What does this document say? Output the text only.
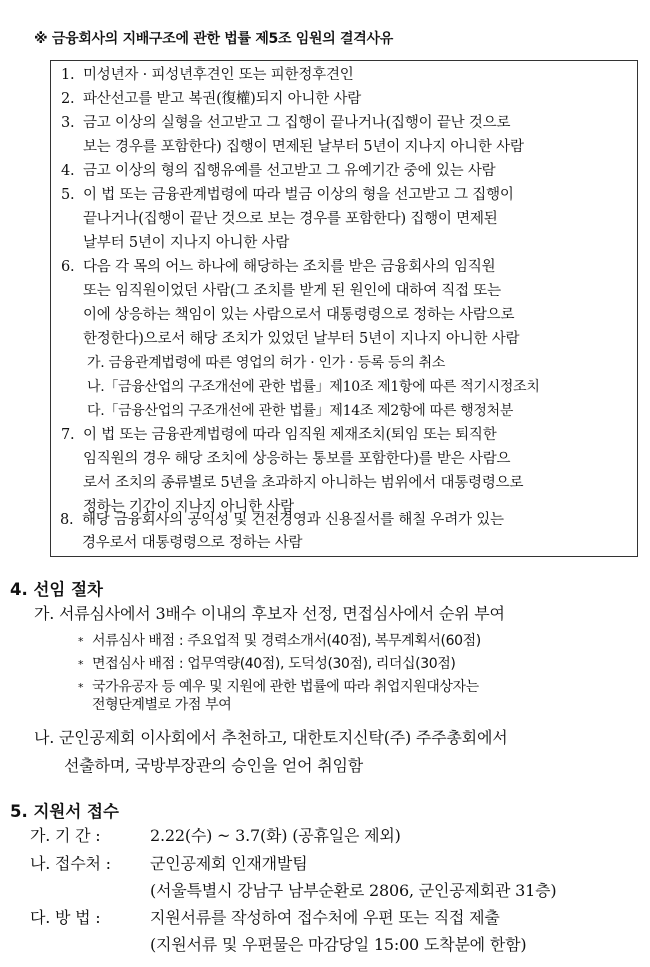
※ 금융회사의 지배구조에 관한 법률 제5조 임원의 결격사유
1. 미성년자 · 피성년후견인 또는 피한정후견인
2. 파산선고를 받고 복권(復權)되지 아니한 사람
3. 금고 이상의 실형을 선고받고 그 집행이 끝나거나(집행이 끝난 것으로
보는 경우를 포함한다) 집행이 면제된 날부터 5년이 지나지 아니한 사람
4. 금고 이상의 형의 집행유예를 선고받고 그 유예기간 중에 있는 사람
5. 이 법 또는 금융관계법령에 따라 벌금 이상의 형을 선고받고 그 집행이
끝나거나(집행이 끝난 것으로 보는 경우를 포함한다) 집행이 면제된
날부터 5년이 지나지 아니한 사람
6. 다음 각 목의 어느 하나에 해당하는 조치를 받은 금융회사의 임직원
또는 임직원이었던 사람(그 조치를 받게 된 원인에 대하여 직접 또는
이에 상응하는 책임이 있는 사람으로서 대통령령으로 정하는 사람으로
한정한다)으로서 해당 조치가 있었던 날부터 5년이 지나지 아니한 사람
가. 금융관계법령에 따른 영업의 허가 · 인가 · 등록 등의 취소
나.「금융산업의 구조개선에 관한 법률」제10조 제1항에 따른 적기시정조치
다.「금융산업의 구조개선에 관한 법률」제14조 제2항에 따른 행정처분
7. 이 법 또는 금융관계법령에 따라 임직원 제재조치(퇴임 또는 퇴직한
임직원의 경우 해당 조치에 상응하는 통보를 포함한다)를 받은 사람으
로서 조치의 종류별로 5년을 초과하지 아니하는 범위에서 대통령령으로
정하는 기간이 지나지 아니한 사람
8. 해당 금융회사의 공익성 및 건전경영과 신용질서를 해칠 우려가 있는
경우로서 대통령령으로 정하는 사람
4. 선임 절차
가. 서류심사에서 3배수 이내의 후보자 선정, 면접심사에서 순위 부여
* 서류심사 배점 : 주요업적 및 경력소개서(40점), 복무계획서(60점)
* 면접심사 배점 : 업무역량(40점), 도덕성(30점), 리더십(30점)
* 국가유공자 등 예우 및 지원에 관한 법률에 따라 취업지원대상자는
전형단계별로 가점 부여
나. 군인공제회 이사회에서 추천하고, 대한토지신탁(주) 주주총회에서
선출하며, 국방부장관의 승인을 얻어 취임함
5. 지원서 접수
가. 기 간 :	2.22(수) ~ 3.7(화) (공휴일은 제외)
나. 접수처 : 군인공제회 인재개발팀
(서울특별시 강남구 남부순환로 2806, 군인공제회관 31층)
다. 방 법 :	지원서류를 작성하여 접수처에 우편 또는 직접 제출
(지원서류 및 우편물은 마감당일 15:00 도착분에 한함)
